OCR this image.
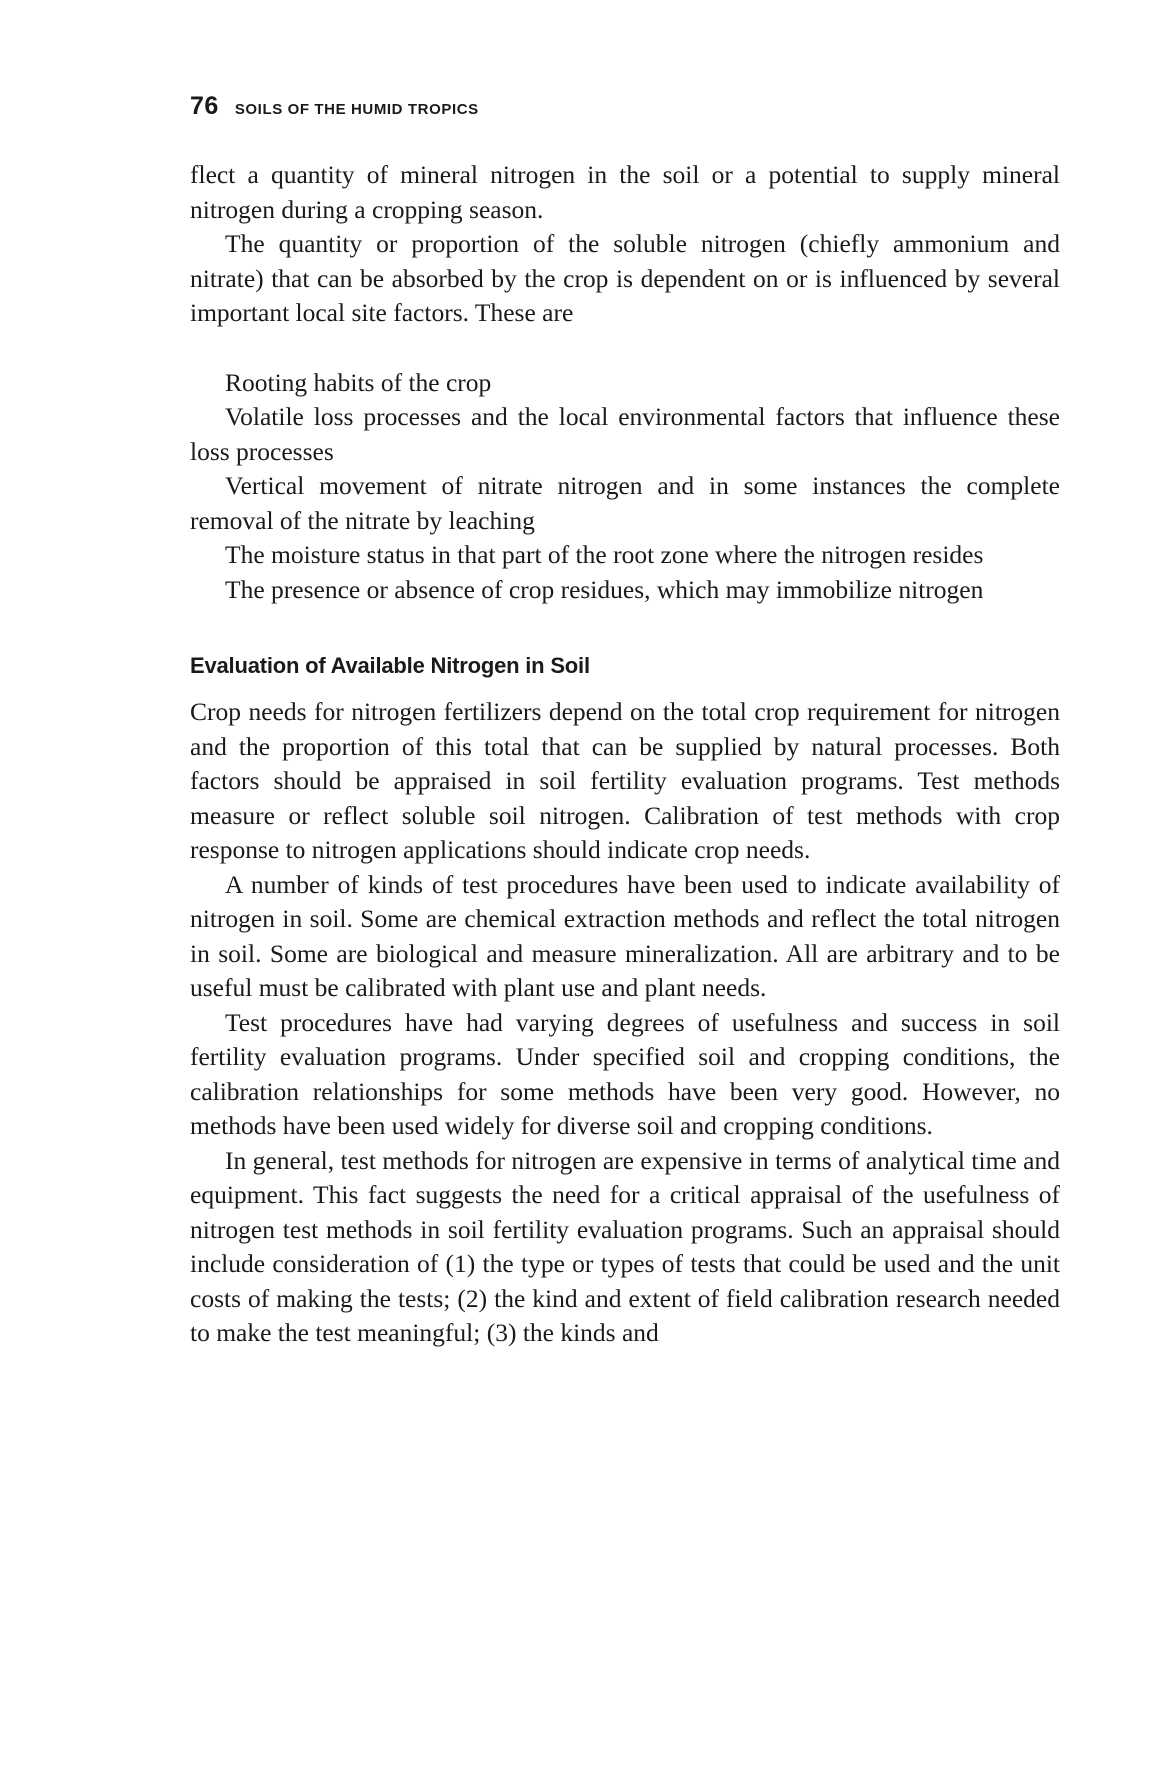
76 SOILS OF THE HUMID TROPICS

flect a quantity of mineral nitrogen in the soil or a potential to supply mineral nitrogen during a cropping season.

The quantity or proportion of the soluble nitrogen (chiefly ammonium and nitrate) that can be absorbed by the crop is dependent on or is influenced by several important local site factors. These are

Rooting habits of the crop

Volatile loss processes and the local environmental factors that influence these loss processes

Vertical movement of nitrate nitrogen and in some instances the complete removal of the nitrate by leaching

The moisture status in that part of the root zone where the nitrogen resides

The presence or absence of crop residues, which may immobilize nitrogen

Evaluation of Available Nitrogen in Soil

Crop needs for nitrogen fertilizers depend on the total crop requirement for nitrogen and the proportion of this total that can be supplied by natural processes. Both factors should be appraised in soil fertility evaluation programs. Test methods measure or reflect soluble soil nitrogen. Calibration of test methods with crop response to nitrogen applications should indicate crop needs.

A number of kinds of test procedures have been used to indicate availability of nitrogen in soil. Some are chemical extraction methods and reflect the total nitrogen in soil. Some are biological and measure mineralization. All are arbitrary and to be useful must be calibrated with plant use and plant needs.

Test procedures have had varying degrees of usefulness and success in soil fertility evaluation programs. Under specified soil and cropping conditions, the calibration relationships for some methods have been very good. However, no methods have been used widely for diverse soil and cropping conditions.

In general, test methods for nitrogen are expensive in terms of analytical time and equipment. This fact suggests the need for a critical appraisal of the usefulness of nitrogen test methods in soil fertility evaluation programs. Such an appraisal should include consideration of (1) the type or types of tests that could be used and the unit costs of making the tests; (2) the kind and extent of field calibration research needed to make the test meaningful; (3) the kinds and
